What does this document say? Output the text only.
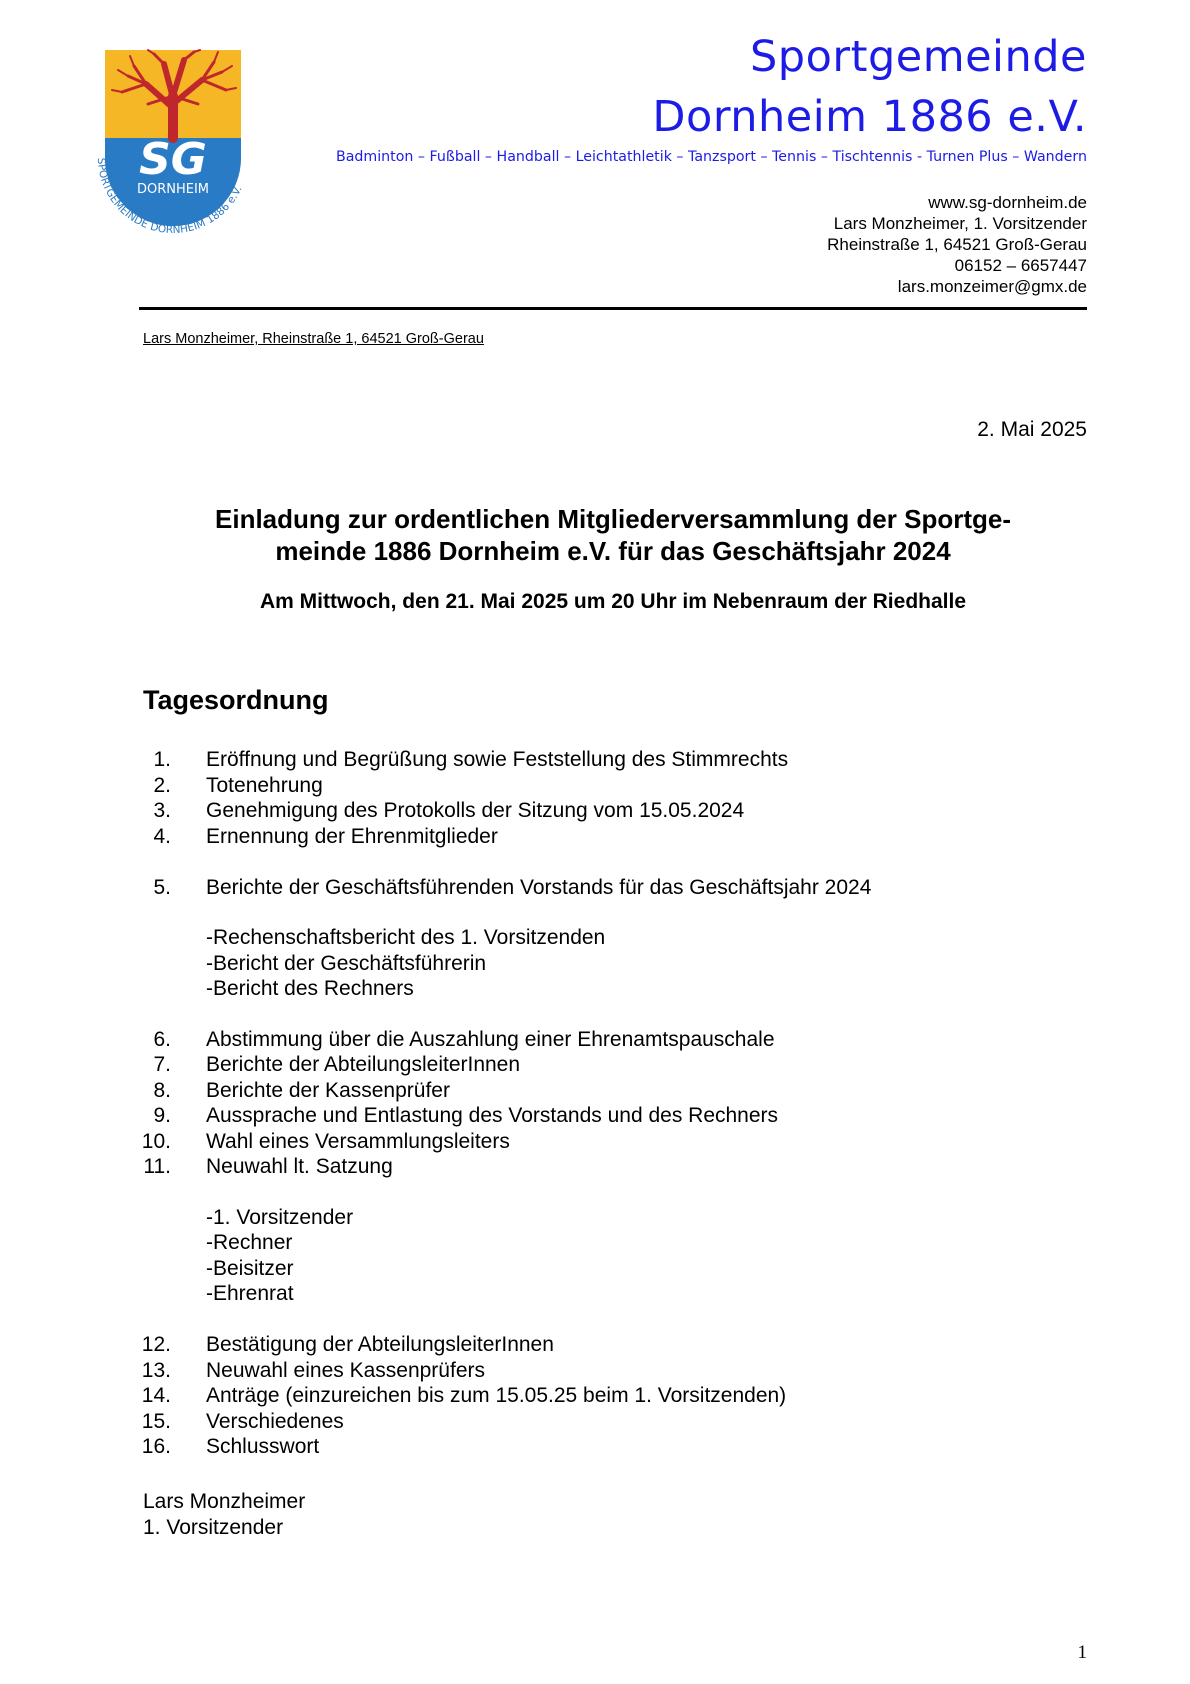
SG
DORNHEIM
SPORTGEMEINDE DORNHEIM 1886 e.V.
Sportgemeinde
Dornheim 1886 e.V.
Badminton – Fußball – Handball – Leichtathletik – Tanzsport – Tennis – Tischtennis - Turnen Plus – Wandern
www.sg-dornheim.de
Lars Monzheimer, 1. Vorsitzender
Rheinstraße 1, 64521 Groß-Gerau
06152 – 6657447
lars.monzeimer@gmx.de
Lars Monzheimer, Rheinstraße 1, 64521 Groß-Gerau
2. Mai 2025
Einladung zur ordentlichen Mitgliederversammlung der Sportge-
meinde 1886 Dornheim e.V. für das Geschäftsjahr 2024
Am Mittwoch, den 21. Mai 2025 um 20 Uhr im Nebenraum der Riedhalle
Tagesordnung
1. Eröffnung und Begrüßung sowie Feststellung des Stimmrechts
2. Totenehrung
3. Genehmigung des Protokolls der Sitzung vom 15.05.2024
4. Ernennung der Ehrenmitglieder
5. Berichte der Geschäftsführenden Vorstands für das Geschäftsjahr 2024
-Rechenschaftsbericht des 1. Vorsitzenden
-Bericht der Geschäftsführerin
-Bericht des Rechners
6. Abstimmung über die Auszahlung einer Ehrenamtspauschale
7. Berichte der AbteilungsleiterInnen
8. Berichte der Kassenprüfer
9. Aussprache und Entlastung des Vorstands und des Rechners
10. Wahl eines Versammlungsleiters
11. Neuwahl lt. Satzung
-1. Vorsitzender
-Rechner
-Beisitzer
-Ehrenrat
12. Bestätigung der AbteilungsleiterInnen
13. Neuwahl eines Kassenprüfers
14. Anträge (einzureichen bis zum 15.05.25 beim 1. Vorsitzenden)
15. Verschiedenes
16. Schlusswort
Lars Monzheimer
1. Vorsitzender
1
